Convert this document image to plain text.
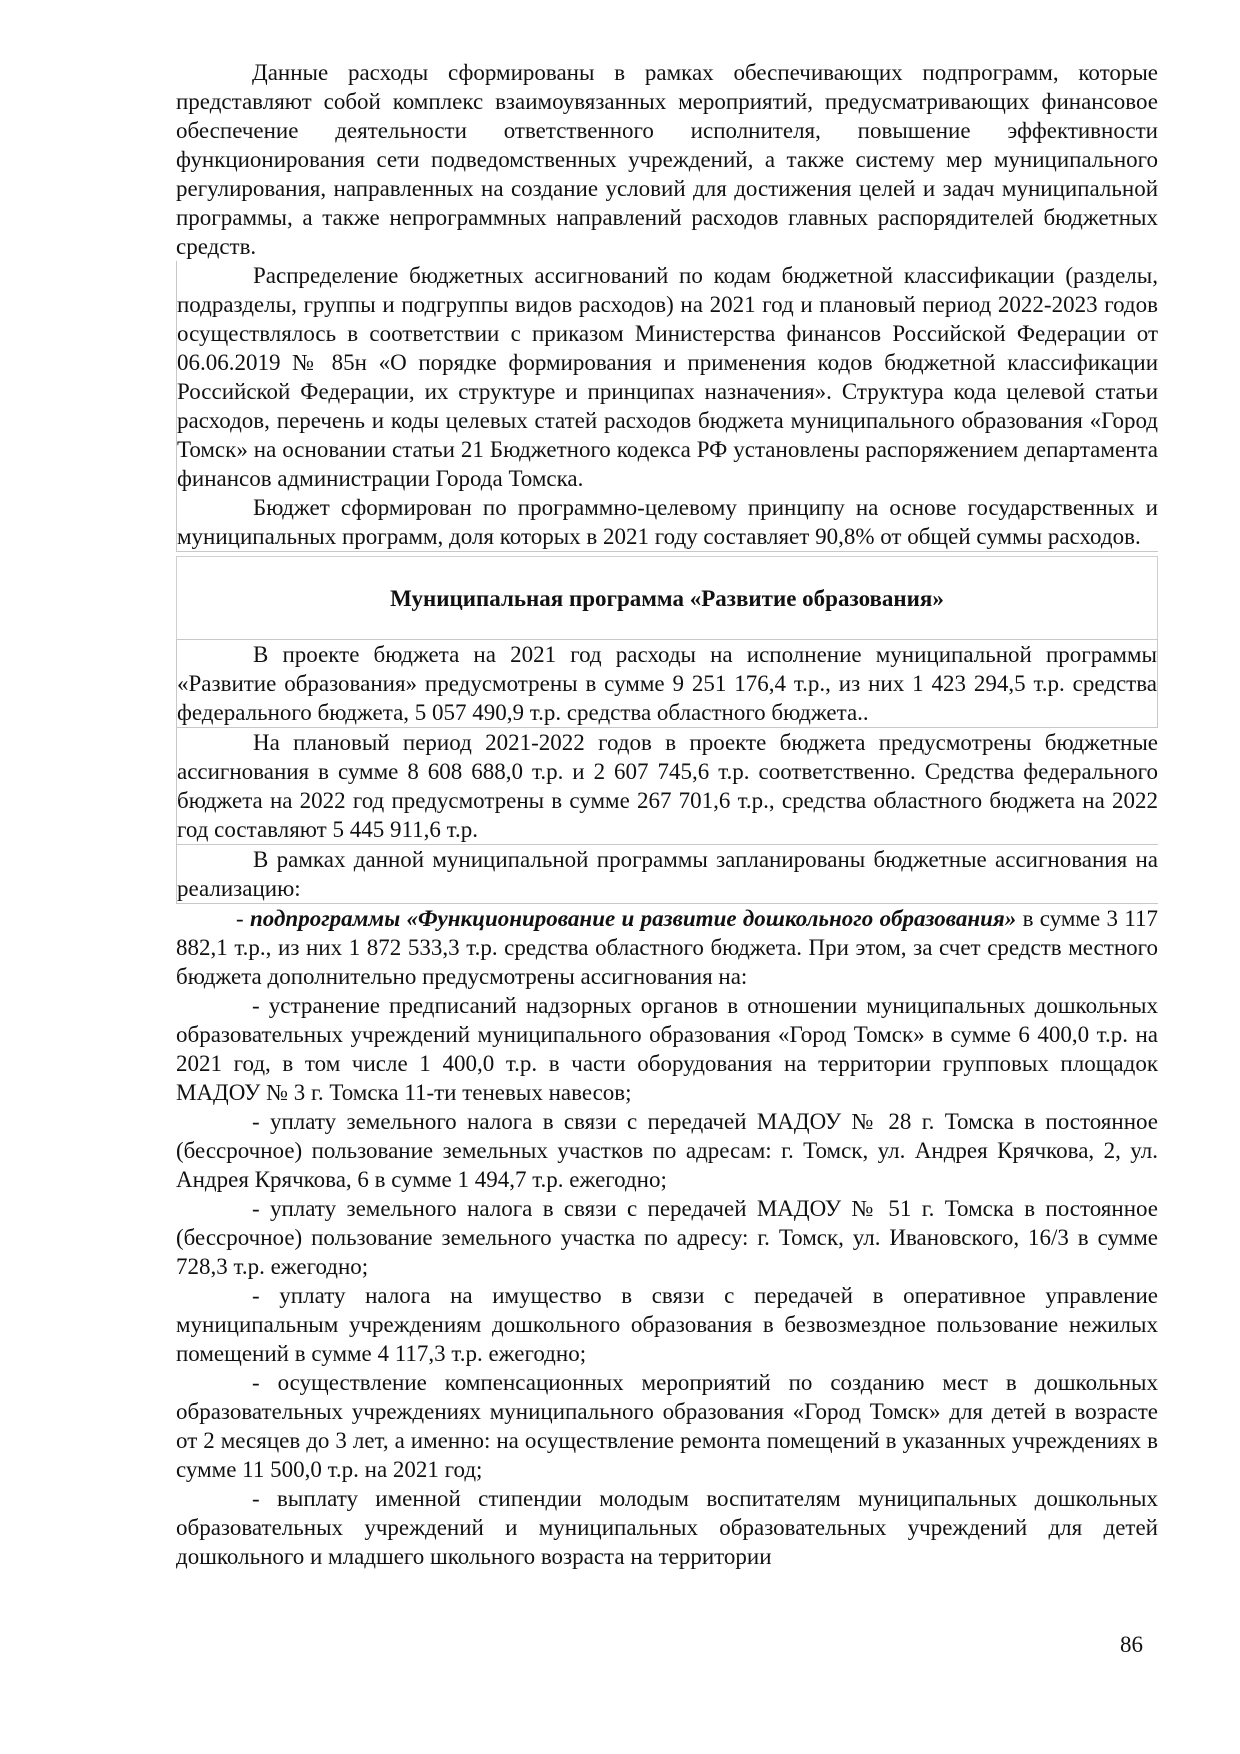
Данные расходы сформированы в рамках обеспечивающих подпрограмм, которые представляют собой комплекс взаимоувязанных мероприятий, предусматривающих финансовое обеспечение деятельности ответственного исполнителя, повышение эффективности функционирования сети подведомственных учреждений, а также систему мер муниципального регулирования, направленных на создание условий для достижения целей и задач муниципальной программы, а также непрограммных направлений расходов главных распорядителей бюджетных средств.

Распределение бюджетных ассигнований по кодам бюджетной классификации (разделы, подразделы, группы и подгруппы видов расходов) на 2021 год и плановый период 2022-2023 годов осуществлялось в соответствии с приказом Министерства финансов Российской Федерации от 06.06.2019 № 85н «О порядке формирования и применения кодов бюджетной классификации Российской Федерации, их структуре и принципах назначения». Структура кода целевой статьи расходов, перечень и коды целевых статей расходов бюджета муниципального образования «Город Томск» на основании статьи 21 Бюджетного кодекса РФ установлены распоряжением департамента финансов администрации Города Томска.

Бюджет сформирован по программно-целевому принципу на основе государственных и муниципальных программ, доля которых в 2021 году составляет 90,8% от общей суммы расходов.

Муниципальная программа «Развитие образования»

В проекте бюджета на 2021 год расходы на исполнение муниципальной программы «Развитие образования» предусмотрены в сумме 9 251 176,4 т.р., из них 1 423 294,5 т.р. средства федерального бюджета, 5 057 490,9 т.р. средства областного бюджета..

На плановый период 2021-2022 годов в проекте бюджета предусмотрены бюджетные ассигнования в сумме 8 608 688,0 т.р. и 2 607 745,6 т.р. соответственно. Средства федерального бюджета на 2022 год предусмотрены в сумме 267 701,6 т.р., средства областного бюджета на 2022 год составляют 5 445 911,6 т.р.

В рамках данной муниципальной программы запланированы бюджетные ассигнования на реализацию:

- подпрограммы «Функционирование и развитие дошкольного образования» в сумме 3 117 882,1 т.р., из них 1 872 533,3 т.р. средства областного бюджета. При этом, за счет средств местного бюджета дополнительно предусмотрены ассигнования на:

- устранение предписаний надзорных органов в отношении муниципальных дошкольных образовательных учреждений муниципального образования «Город Томск» в сумме 6 400,0 т.р. на 2021 год, в том числе 1 400,0 т.р. в части оборудования на территории групповых площадок МАДОУ № 3 г. Томска 11-ти теневых навесов;

- уплату земельного налога в связи с передачей МАДОУ № 28 г. Томска в постоянное (бессрочное) пользование земельных участков по адресам: г. Томск, ул. Андрея Крячкова, 2, ул. Андрея Крячкова, 6 в сумме 1 494,7 т.р. ежегодно;

- уплату земельного налога в связи с передачей МАДОУ № 51 г. Томска в постоянное (бессрочное) пользование земельного участка по адресу: г. Томск, ул. Ивановского, 16/3 в сумме 728,3 т.р. ежегодно;

- уплату налога на имущество в связи с передачей в оперативное управление муниципальным учреждениям дошкольного образования в безвозмездное пользование нежилых помещений в сумме 4 117,3 т.р. ежегодно;

- осуществление компенсационных мероприятий по созданию мест в дошкольных образовательных учреждениях муниципального образования «Город Томск» для детей в возрасте от 2 месяцев до 3 лет, а именно: на осуществление ремонта помещений в указанных учреждениях в сумме 11 500,0 т.р. на 2021 год;

- выплату именной стипендии молодым воспитателям муниципальных дошкольных образовательных учреждений и муниципальных образовательных учреждений для детей дошкольного и младшего школьного возраста на территории

86
